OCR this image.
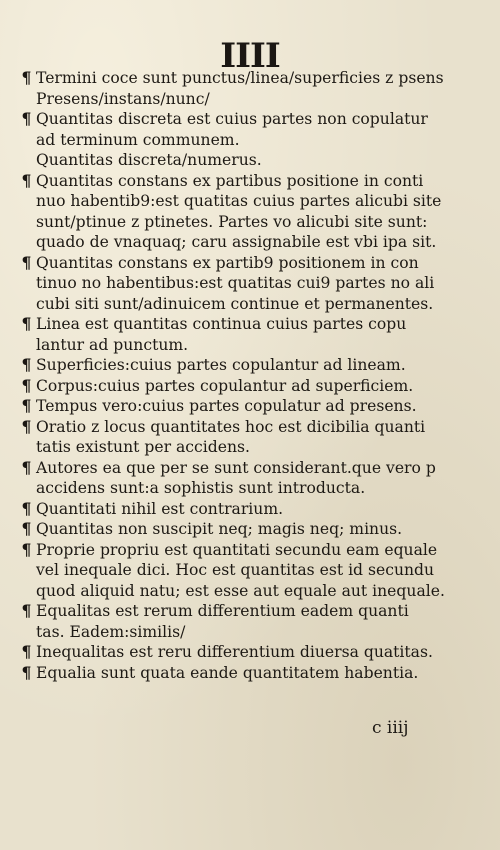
IIII
¶ Termini coce sunt punctus/linea/superficies z psens
Presens/instans/nunc/
¶ Quantitas discreta est cuius partes non copulatur
ad terminum communem.
Quantitas discreta/numerus.
¶ Quantitas constans ex partibus positione in conti
nuo habentib9:est quatitas cuius partes alicubi site
sunt/ptinue z ptinetes. Partes vo alicubi site sunt:
quado de vnaquaq; caru assignabile est vbi ipa sit.
¶ Quantitas constans ex partib9 positionem in con
tinuo no habentibus:est quatitas cui9 partes no ali
cubi siti sunt/adinuicem continue et permanentes.
¶ Linea est quantitas continua cuius partes copu
lantur ad punctum.
¶ Superficies:cuius partes copulantur ad lineam.
¶ Corpus:cuius partes copulantur ad superficiem.
¶ Tempus vero:cuius partes copulatur ad presens.
¶ Oratio z locus quantitates hoc est dicibilia quanti
tatis existunt per accidens.
¶ Autores ea que per se sunt considerant.que vero p
accidens sunt:a sophistis sunt introducta.
¶ Quantitati nihil est contrarium.
¶ Quantitas non suscipit neq; magis neq; minus.
¶ Proprie propriu est quantitati secundu eam equale
vel inequale dici. Hoc est quantitas est id secundu
quod aliquid natu; est esse aut equale aut inequale.
¶ Equalitas est rerum differentium eadem quanti
tas. Eadem:similis/
¶ Inequalitas est reru differentium diuersa quatitas.
¶ Equalia sunt quata eande quantitatem habentia.
c iiij
